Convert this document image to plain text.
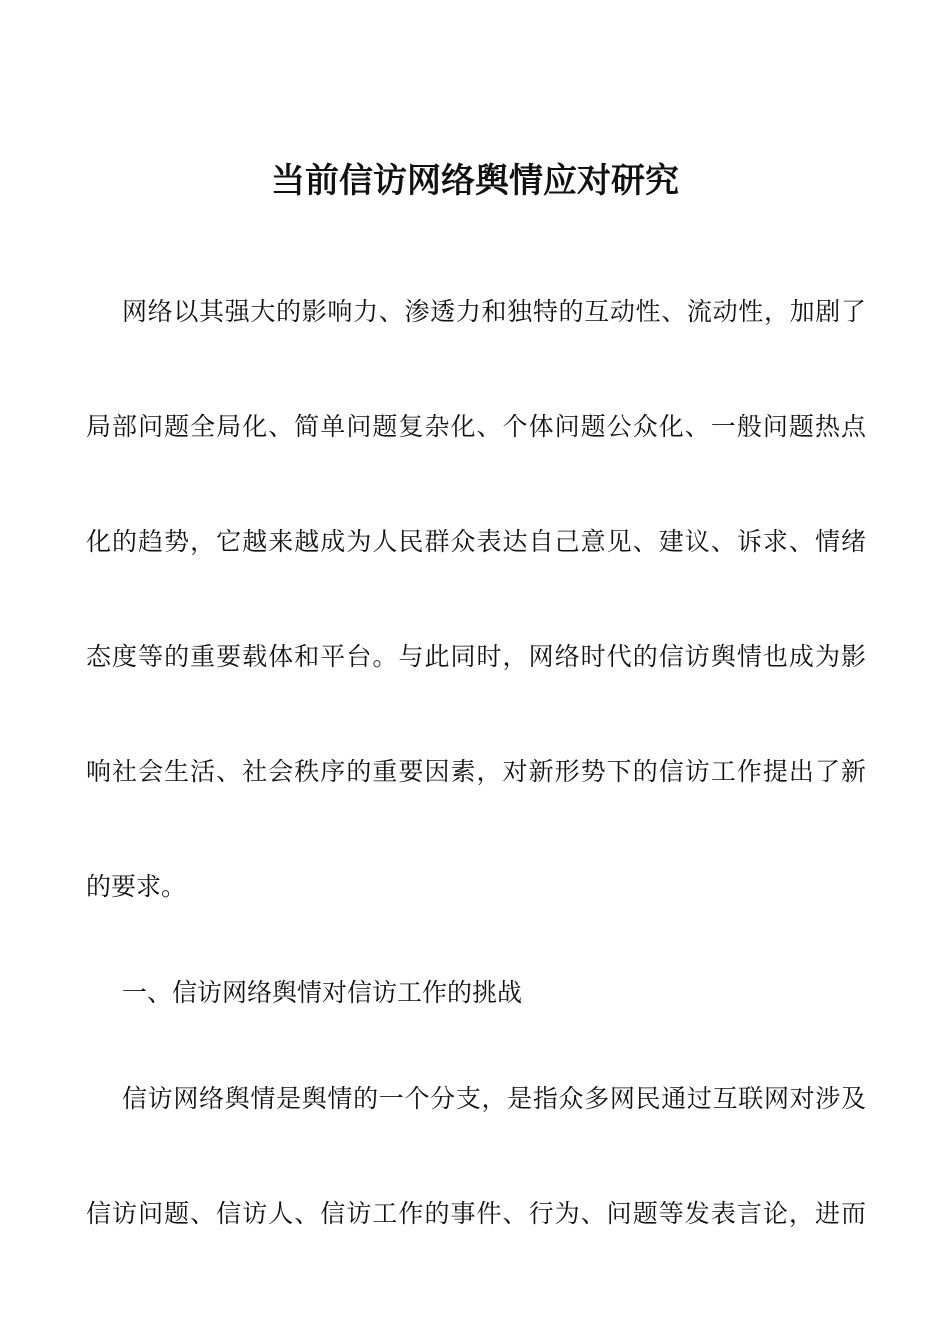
当前信访网络舆情应对研究
网络以其强大的影响力、渗透力和独特的互动性、流动性，加剧了
局部问题全局化、简单问题复杂化、个体问题公众化、一般问题热点
化的趋势，它越来越成为人民群众表达自己意见、建议、诉求、情绪
态度等的重要载体和平台。与此同时，网络时代的信访舆情也成为影
响社会生活、社会秩序的重要因素，对新形势下的信访工作提出了新
的要求。
一、信访网络舆情对信访工作的挑战
信访网络舆情是舆情的一个分支，是指众多网民通过互联网对涉及
信访问题、信访人、信访工作的事件、行为、问题等发表言论，进而
